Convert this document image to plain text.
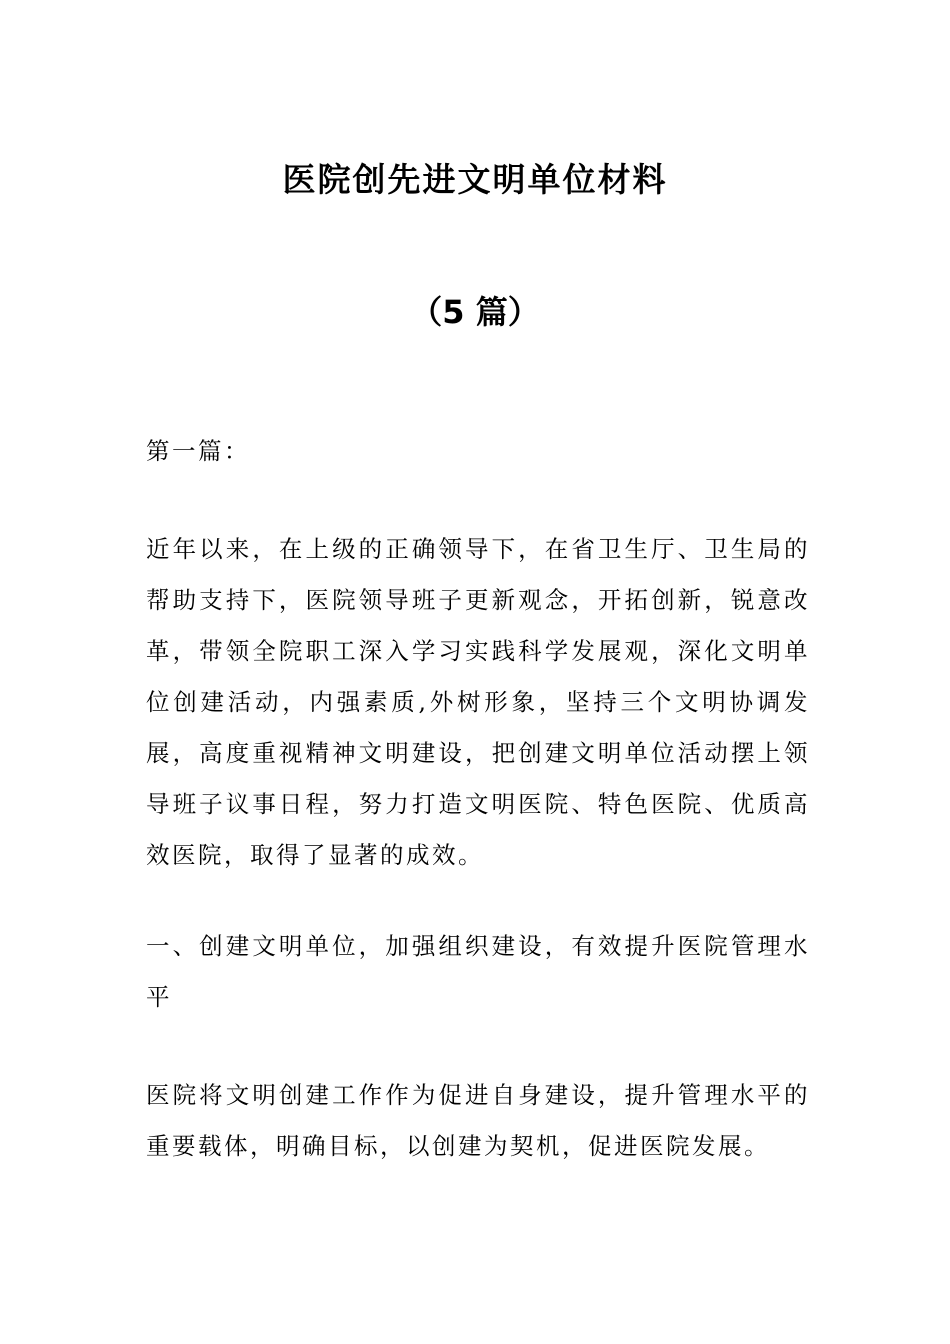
医院创先进文明单位材料
（5 篇）

第一篇：

近年以来，在上级的正确领导下，在省卫生厅、卫生局的帮助支持下，医院领导班子更新观念，开拓创新，锐意改革，带领全院职工深入学习实践科学发展观，深化文明单位创建活动，内强素质,外树形象，坚持三个文明协调发展，高度重视精神文明建设，把创建文明单位活动摆上领导班子议事日程，努力打造文明医院、特色医院、优质高效医院，取得了显著的成效。

一、创建文明单位，加强组织建设，有效提升医院管理水平

医院将文明创建工作作为促进自身建设，提升管理水平的重要载体，明确目标，以创建为契机，促进医院发展。
